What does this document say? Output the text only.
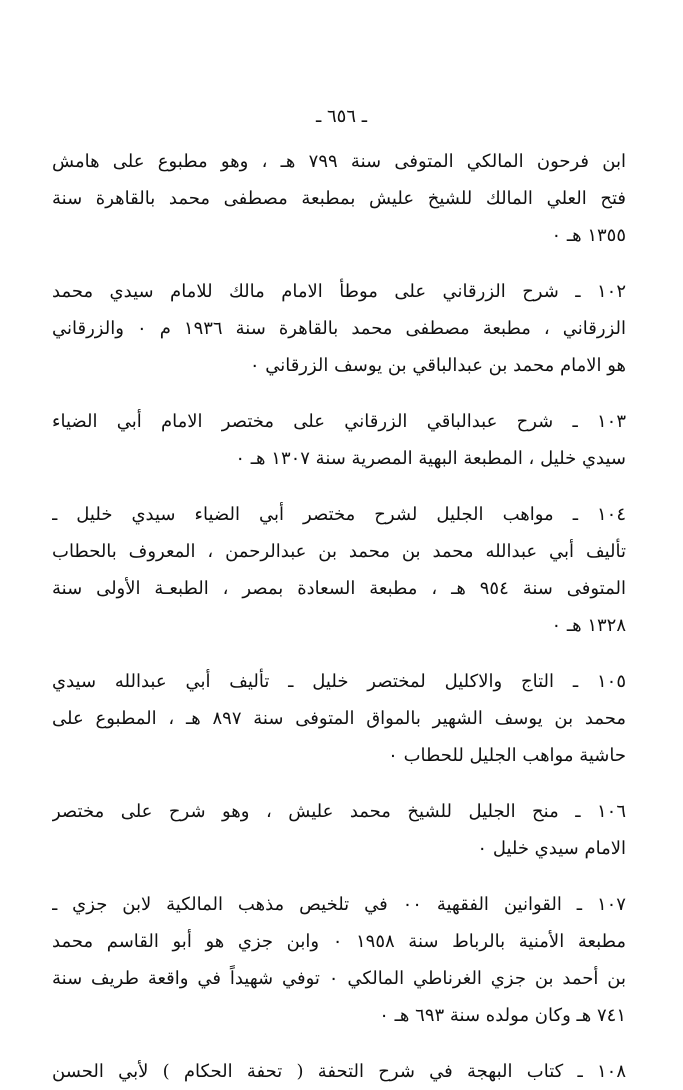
ـ ٦٥٦ ـ
ابن فرحون المالكي المتوفى سنة ٧٩٩ هـ ، وهو مطبوع على هامش
فتح العلي المالك للشيخ عليش بمطبعة مصطفى محمد بالقاهرة سنة
١٣٥٥ هـ ٠
١٠٢ ـ شرح الزرقاني على موطأ الامام مالك للامام سيدي محمد
الزرقاني ، مطبعة مصطفى محمد بالقاهرة سنة ١٩٣٦ م ٠ والزرقاني
هو الامام محمد بن عبدالباقي بن يوسف الزرقاني ٠
١٠٣ ـ شرح عبدالباقي الزرقاني على مختصر الامام أبي الضياء
سيدي خليل ، المطبعة البهية المصرية سنة ١٣٠٧ هـ ٠
١٠٤ ـ مواهب الجليل لشرح مختصر أبي الضياء سيدي خليل ـ
تأليف أبي عبدالله محمد بن محمد بن عبدالرحمن ، المعروف بالحطاب
المتوفى سنة ٩٥٤ هـ ، مطبعة السعادة بمصر ، الطبعـة الأولى سنة
١٣٢٨ هـ ٠
١٠٥ ـ التاج والاكليل لمختصر خليل ـ تأليف أبي عبدالله سيدي
محمد بن يوسف الشهير بالمواق المتوفى سنة ٨٩٧ هـ ، المطبوع على
حاشية مواهب الجليل للحطاب ٠
١٠٦ ـ منح الجليل للشيخ محمد عليش ، وهو شرح على مختصر
الامام سيدي خليل ٠
١٠٧ ـ القوانين الفقهية ٠٠ في تلخيص مذهب المالكية لابن جزي ـ
مطبعة الأمنية بالرباط سنة ١٩٥٨ ٠ وابن جزي هو أبو القاسم محمد
بن أحمد بن جزي الغرناطي المالكي ٠ توفي شهيداً في واقعة طريف سنة
٧٤١ هـ وكان مولده سنة ٦٩٣ هـ ٠
١٠٨ ـ كتاب البهجة في شرح التحفة ( تحفة الحكام ) لأبي الحسن
